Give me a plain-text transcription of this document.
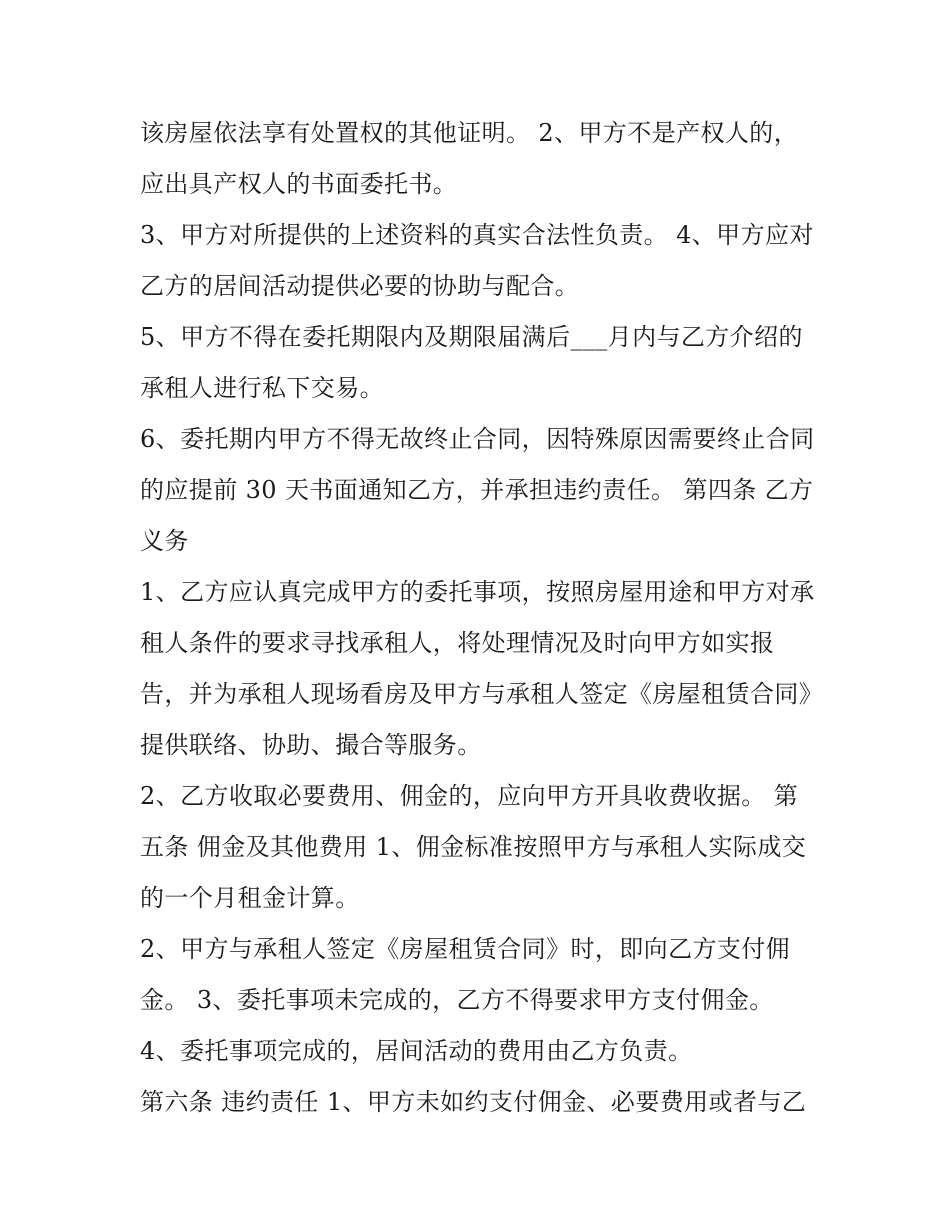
该房屋依法享有处置权的其他证明。 2、甲方不是产权人的，应出具产权人的书面委托书。

3、甲方对所提供的上述资料的真实合法性负责。 4、甲方应对乙方的居间活动提供必要的协助与配合。

5、甲方不得在委托期限内及期限届满后___月内与乙方介绍的承租人进行私下交易。

6、委托期内甲方不得无故终止合同，因特殊原因需要终止合同的应提前 30 天书面通知乙方，并承担违约责任。 第四条 乙方义务

1、乙方应认真完成甲方的委托事项，按照房屋用途和甲方对承租人条件的要求寻找承租人，将处理情况及时向甲方如实报告，并为承租人现场看房及甲方与承租人签定《房屋租赁合同》提供联络、协助、撮合等服务。

2、乙方收取必要费用、佣金的，应向甲方开具收费收据。 第五条 佣金及其他费用 1、佣金标准按照甲方与承租人实际成交的一个月租金计算。

2、甲方与承租人签定《房屋租赁合同》时，即向乙方支付佣金。 3、委托事项未完成的，乙方不得要求甲方支付佣金。

4、委托事项完成的，居间活动的费用由乙方负责。

第六条 违约责任 1、甲方未如约支付佣金、必要费用或者与乙
